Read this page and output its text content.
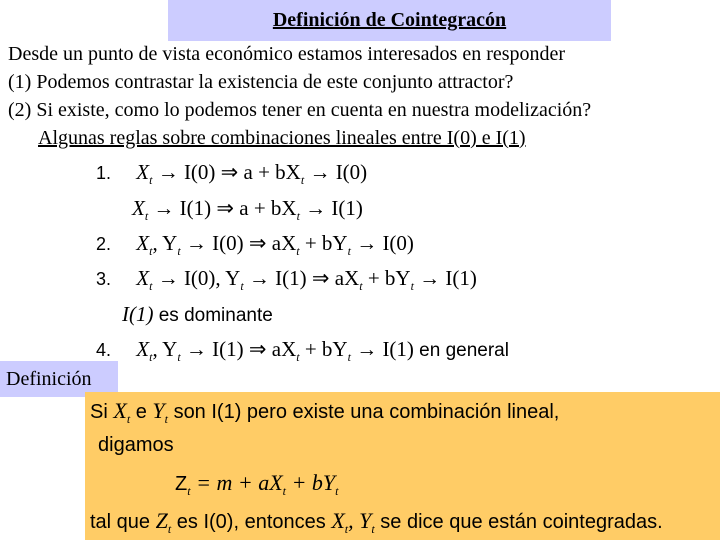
Definición de Cointegracón
Desde un punto de vista económico estamos interesados en responder
(1) Podemos contrastar la existencia de este conjunto attractor?
(2) Si existe, como lo podemos tener en cuenta en nuestra modelización?
Algunas reglas sobre combinaciones lineales entre I(0) e I(1)
1. $X_t \to I(0)$ ⇒ $a + bX_t \to I(0)$
$X_t \to I(1)$ ⇒ $a + bX_t \to I(1)$
2. $X_t$, $Y_t \to I(0)$ ⇒ $aX_t + bY_t \to I(0)$
3. $X_t \to I(0)$, $Y_t \to I(1)$ ⇒ $aX_t + bY_t \to I(1)$
I(1) es dominante
4. $X_t$, $Y_t \to I(1)$ ⇒ $aX_t + bY_t \to I(1)$ en general
Definición
Si $X_t$ e $Y_t$ son I(1) pero existe una combinación lineal,
digamos
$Z_t = m + aX_t + bY_t$
tal que $Z_t$ es I(0), entonces $X_t$, $Y_t$ se dice que están cointegradas.
